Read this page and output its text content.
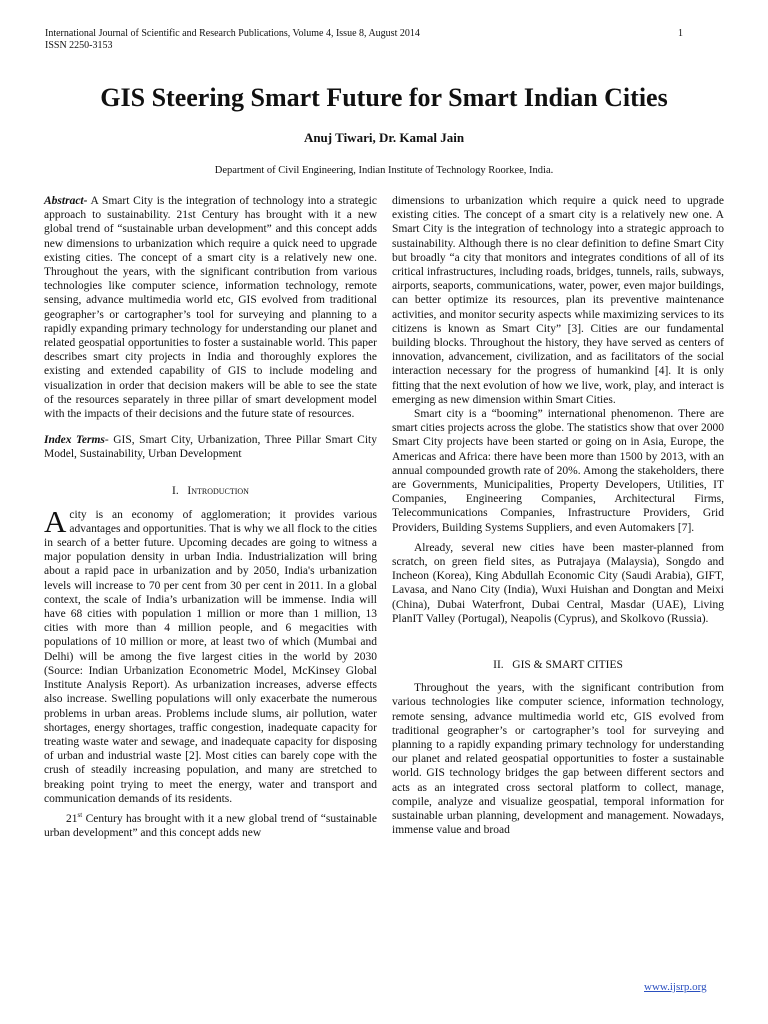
International Journal of Scientific and Research Publications, Volume 4, Issue 8, August 2014
ISSN 2250-3153
1
GIS Steering Smart Future for Smart Indian Cities
Anuj Tiwari, Dr. Kamal Jain
Department of Civil Engineering, Indian Institute of Technology Roorkee, India.

Abstract- A Smart City is the integration of technology into a strategic approach to sustainability. 21st Century has brought with it a new global trend of “sustainable urban development” and this concept adds new dimensions to urbanization which require a quick need to upgrade existing cities. The concept of a smart city is a relatively new one. Throughout the years, with the significant contribution from various technologies like computer science, information technology, remote sensing, advance multimedia world etc, GIS evolved from traditional geographer’s or cartographer’s tool for surveying and planning to a rapidly expanding primary technology for understanding our planet and related geospatial opportunities to foster a sustainable world. This paper describes smart city projects in India and thoroughly explores the existing and extended capability of GIS to include modeling and visualization in order that decision makers will be able to see the state of the resources separately in three pillar of smart development model with the impacts of their decisions and the future state of resources.

Index Terms- GIS, Smart City, Urbanization, Three Pillar Smart City Model, Sustainability, Urban Development

I. Introduction

Acity is an economy of agglomeration; it provides various advantages and opportunities. That is why we all flock to the cities in search of a better future. Upcoming decades are going to witness a major population density in urban India. Industrialization will bring about a rapid pace in urbanization and by 2050, India's urbanization levels will increase to 70 per cent from 30 per cent in 2011. In a global context, the scale of India’s urbanization will be immense. India will have 68 cities with population 1 million or more than 1 million, 13 cities with more than 4 million people, and 6 megacities with populations of 10 million or more, at least two of which (Mumbai and Delhi) will be among the five largest cities in the world by 2030 (Source: Indian Urbanization Econometric Model, McKinsey Global Institute Analysis Report). As urbanization increases, adverse effects also increase. Swelling populations will only exacerbate the numerous problems in urban areas. Problems include slums, air pollution, water shortages, energy shortages, traffic congestion, inadequate capacity for treating waste water and sewage, and inadequate capacity for disposing of urban and industrial waste [2]. Most cities can barely cope with the crush of steadily increasing population, and many are stretched to breaking point trying to meet the energy, water and transport and communication demands of its residents.

21st Century has brought with it a new global trend of “sustainable urban development” and this concept adds new

dimensions to urbanization which require a quick need to upgrade existing cities. The concept of a smart city is a relatively new one. A Smart City is the integration of technology into a strategic approach to sustainability. Although there is no clear definition to define Smart City but broadly “a city that monitors and integrates conditions of all of its critical infrastructures, including roads, bridges, tunnels, rails, subways, airports, seaports, communications, water, power, even major buildings, can better optimize its resources, plan its preventive maintenance activities, and monitor security aspects while maximizing services to its citizens is known as Smart City” [3]. Cities are our fundamental building blocks. Throughout the history, they have served as centers of innovation, advancement, civilization, and as facilitators of the social interaction necessary for the progress of humankind [4]. It is only fitting that the next evolution of how we live, work, play, and interact is emerging as new dimension within Smart Cities.

Smart city is a “booming” international phenomenon. There are smart cities projects across the globe. The statistics show that over 2000 Smart City projects have been started or going on in Asia, Europe, the Americas and Africa: there have been more than 1500 by 2013, with an annual compounded growth rate of 20%. Among the stakeholders, there are Governments, Municipalities, Property Developers, Utilities, IT Companies, Engineering Companies, Architectural Firms, Telecommunications Companies, Infrastructure Providers, Grid Providers, Building Systems Suppliers, and even Automakers [7].

Already, several new cities have been master-planned from scratch, on green field sites, as Putrajaya (Malaysia), Songdo and Incheon (Korea), King Abdullah Economic City (Saudi Arabia), GIFT, Lavasa, and Nano City (India), Wuxi Huishan and Dongtan and Meixi (China), Dubai Waterfront, Dubai Central, Masdar (UAE), Living PlanIT Valley (Portugal), Neapolis (Cyprus), and Skolkovo (Russia).

II. GIS & SMART CITIES

Throughout the years, with the significant contribution from various technologies like computer science, information technology, remote sensing, advance multimedia world etc, GIS evolved from traditional geographer’s or cartographer’s tool for surveying and planning to a rapidly expanding primary technology for understanding our planet and related geospatial opportunities to foster a sustainable world. GIS technology bridges the gap between different sectors and acts as an integrated cross sectoral platform to collect, manage, compile, analyze and visualize geospatial, temporal information for sustainable urban planning, development and management. Nowadays, immense value and broad

www.ijsrp.org
